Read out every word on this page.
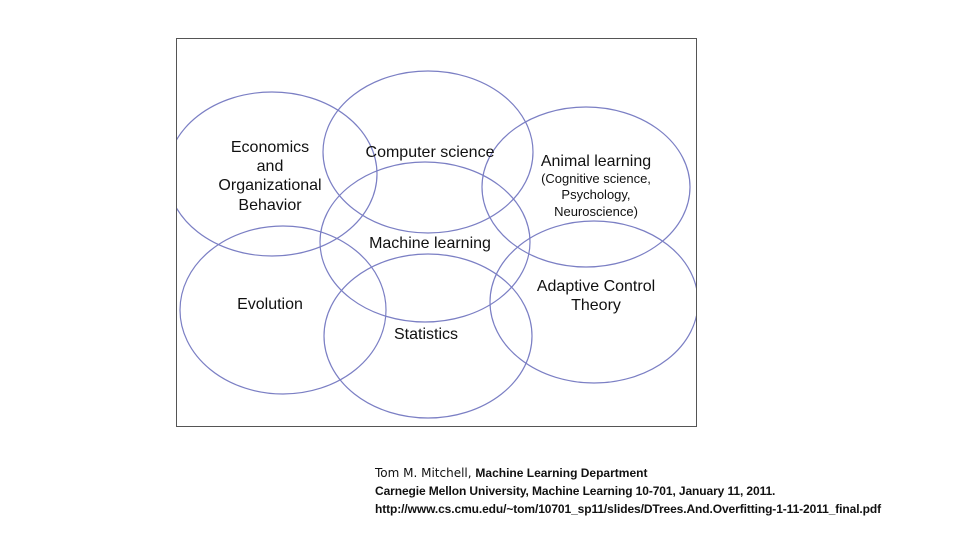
Economics
and
Organizational
Behavior
Computer science
Animal learning
(Cognitive science,
Psychology,
Neuroscience)
Machine learning
Evolution
Adaptive Control
Theory
Statistics
Tom M. Mitchell, Machine Learning Department
Carnegie Mellon University, Machine Learning 10-701, January 11, 2011.
http://www.cs.cmu.edu/~tom/10701_sp11/slides/DTrees.And.Overfitting-1-11-2011_final.pdf
